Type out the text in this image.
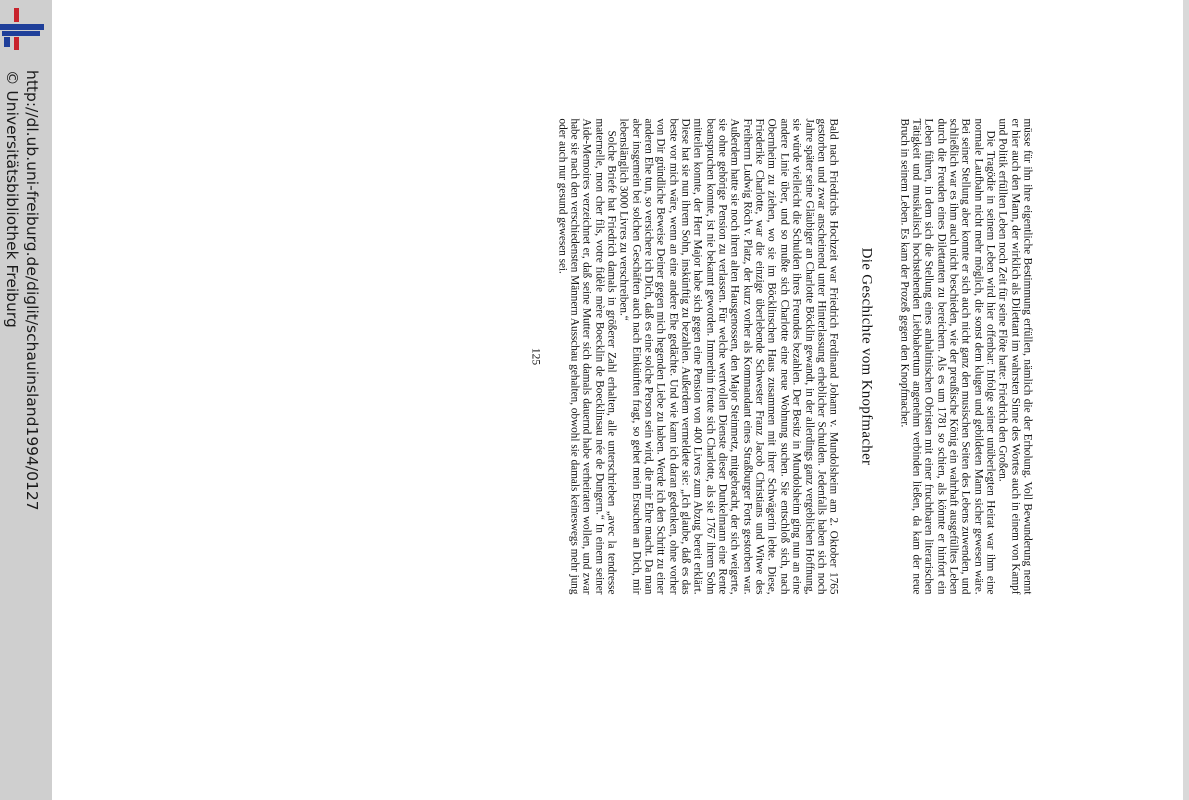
http://dl.ub.uni-freiburg.de/diglit/schauinsland1994/0127
© Universitätsbibliothek Freiburg	müsse für ihn ihre eigentliche Bestimmung erfüllen, nämlich die der Erholung. Voll Bewunderung nennt er hier auch den Mann, der wirklich als Dilettant im wahrsten Sinne des Wortes auch in einem von Kampf und Politik erfüllten Leben noch Zeit für seine Flöte hatte: Friedrich den Großen.

Die Tragödie in seinem Leben wird hier offenbar: Infolge seiner unüberlegten Heirat war ihm eine normale Laufbahn nicht mehr möglich, die sonst dem klugen und gebildeten Mann sicher gewesen wäre. Bei seiner Stellung aber konnte er sich auch nicht ganz den musischen Seiten des Lebens zuwenden, und schließlich war es ihm auch nicht beschieden, wie der preußische König ein wahrhaft ausgefülltes Leben durch die Freuden eines Dilettanten zu bereichern. Als es um 1781 so schien, als könnte er hinfort ein Leben führen, in dem sich die Stellung eines anhaltinischen Obristen mit einer fruchtbaren literarischen Tätigkeit und musikalisch hochstehenden Liebhabertum angenehm verbinden ließen, da kam der neue Bruch in seinem Leben. Es kam der Prozeß gegen den Knopfmacher.

Die Geschichte vom Knopfmacher

Bald nach Friedrichs Hochzeit war Friedrich Ferdinand Johann v. Mundolsheim am 2. Oktober 1765 gestorben und zwar anscheinend unter Hinterlassung erheblicher Schulden. Jedenfalls haben sich noch Jahre später seine Gläubiger an Charlotte Böcklin gewandt, in der allerdings ganz vergeblichen Hoffnung, sie würde vielleicht die Schulden ihres Freundes bezahlen. Der Besitz in Mundolsheim ging nun an eine andere Linie über, und so mußte sich Charlotte eine neue Wohnung suchen. Sie entschloß sich, nach Obernheim zu ziehen, wo sie im Böcklinschen Haus zusammen mit ihrer Schwägerin lebte. Diese, Friederike Charlotte, war die einzige überlebende Schwester Franz Jacob Christians und Witwe des Freiherrn Ludwig Röch v. Platz, der kurz vorher als Kommandant eines Straßburger Forts gestorben war. Außerdem hatte sie noch ihren alten Hausgenossen, den Major Steinmetz, mitgebracht, der sich weigerte, sie ohne gehörige Pension zu verlassen. Für welche wertvollen Dienste dieser Dunkelmann eine Rente beanspruchen konnte, ist nie bekannt geworden. Immerhin freute sich Charlotte, als sie 1767 ihrem Sohn mitteilen konnte, der Herr Major habe sich gegen eine Pension von 400 Livres zum Abzug bereit erklärt. Diese hat sie nun ihrem Sohn, inskünftig zu bezahlen. Außerdem vermeldete sie: „Ich glaube, daß es das beste vor mich wäre, wenn an eine andere Ehe gedächte. Und wie kann ich daran gedenken, ohne vorher von Dir gründliche Beweise Deiner gegen mich hegenden Liebe zu haben. Werde ich den Schritt zu einer anderen Ehe tun, so versichere ich Dich, daß es eine solche Person sein wird, die mir Ehre macht. Da man aber insgemein bei solchen Geschäften auch nach Einkünften fragt, so gehet mein Ersuchen an Dich, mir lebenslänglich 3000 Livres zu verschreiben.“

Solche Briefe hat Friedrich damals in größerer Zahl erhalten, alle unterschrieben „avec la tendresse maternelle, mon cher fils, votre fidèle mère Boecklin de Boecklinsau née de Dungern.“ In einem seiner Aide-Memoires verzeichnet er, daß seine Mutter sich damals dauernd habe verheiraten wollen, und zwar habe sie nach den verschiedensten Männern Ausschau gehalten, obwohl sie damals keineswegs mehr jung oder auch nur gesund gewesen sei.

125
